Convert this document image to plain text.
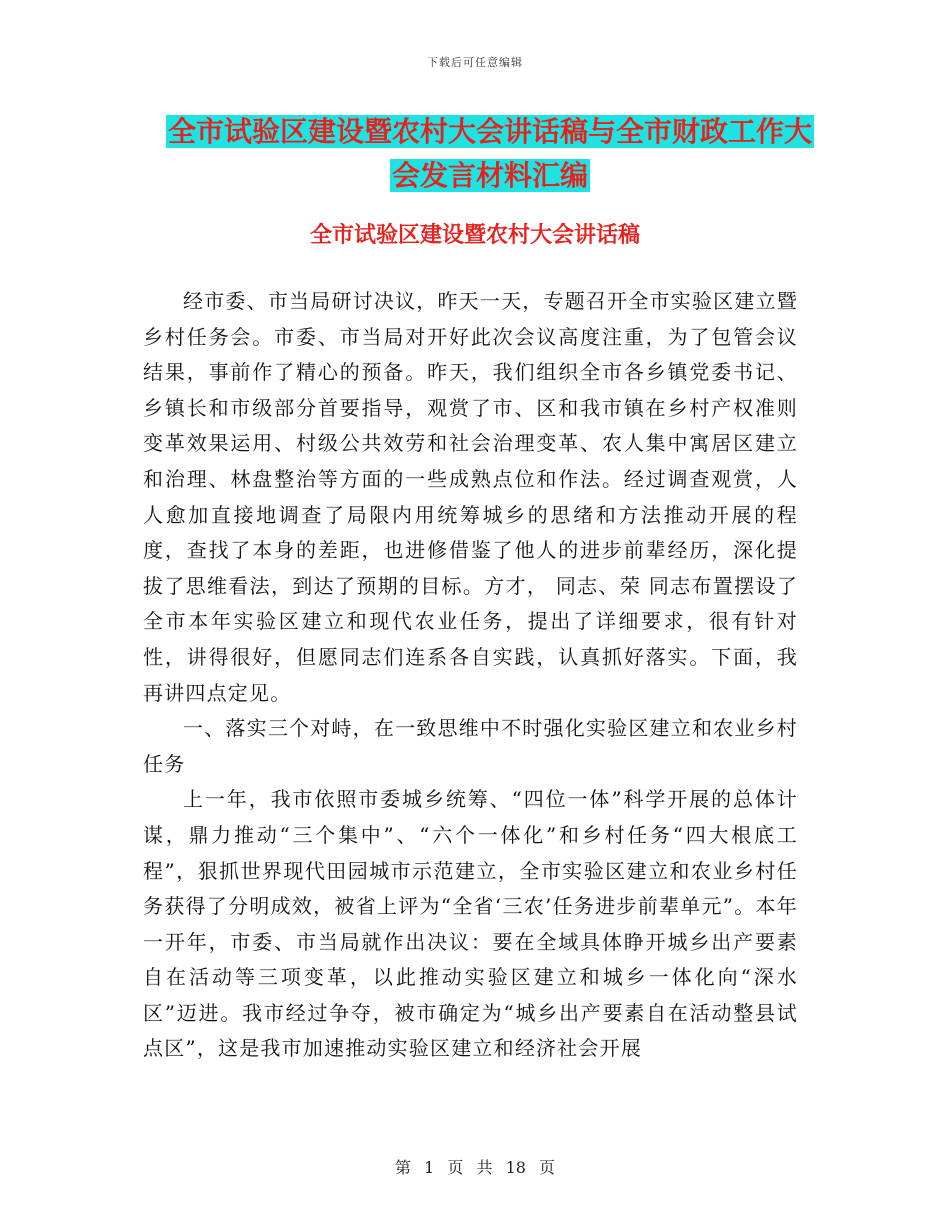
下载后可任意编辑
全市试验区建设暨农村大会讲话稿与全市财政工作大
会发言材料汇编
全市试验区建设暨农村大会讲话稿

经市委、市当局研讨决议，昨天一天，专题召开全市实验区建立暨乡村任务会。市委、市当局对开好此次会议高度注重，为了包管会议结果，事前作了精心的预备。昨天，我们组织全市各乡镇党委书记、乡镇长和市级部分首要指导，观赏了市、区和我市镇在乡村产权准则变革效果运用、村级公共效劳和社会治理变革、农人集中寓居区建立和治理、林盘整治等方面的一些成熟点位和作法。经过调查观赏，人人愈加直接地调查了局限内用统筹城乡的思绪和方法推动开展的程度，查找了本身的差距，也进修借鉴了他人的进步前辈经历，深化提拔了思维看法，到达了预期的目标。方才， 同志、荣 同志布置摆设了全市本年实验区建立和现代农业任务，提出了详细要求，很有针对性，讲得很好，但愿同志们连系各自实践，认真抓好落实。下面，我再讲四点定见。

一、落实三个对峙，在一致思维中不时强化实验区建立和农业乡村任务

上一年，我市依照市委城乡统筹、“四位一体”科学开展的总体计谋，鼎力推动“三个集中”、“六个一体化”和乡村任务“四大根底工程”，狠抓世界现代田园城市示范建立，全市实验区建立和农业乡村任务获得了分明成效，被省上评为“全省‘三农’任务进步前辈单元”。本年一开年，市委、市当局就作出决议：要在全域具体睁开城乡出产要素自在活动等三项变革，以此推动实验区建立和城乡一体化向“深水区”迈进。我市经过争夺，被市确定为“城乡出产要素自在活动整县试点区”，这是我市加速推动实验区建立和经济社会开展

第 1 页 共 18 页
